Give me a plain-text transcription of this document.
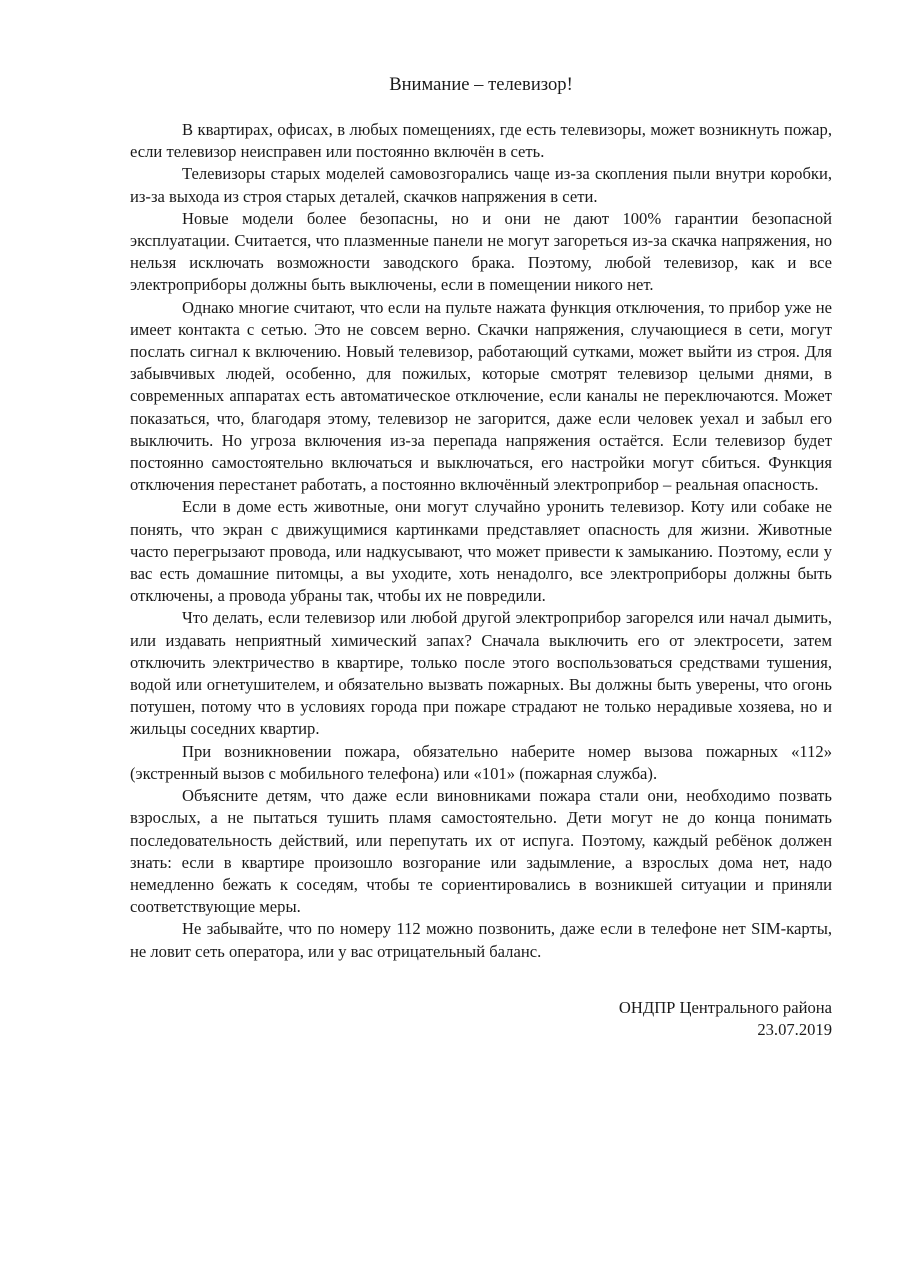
Внимание – телевизор!

В квартирах, офисах, в любых помещениях, где есть телевизоры, может возникнуть пожар, если телевизор неисправен или постоянно включён в сеть.

Телевизоры старых моделей самовозгорались чаще из-за скопления пыли внутри коробки, из-за выхода из строя старых деталей, скачков напряжения в сети.

Новые модели более безопасны, но и они не дают 100% гарантии безопасной эксплуатации. Считается, что плазменные панели не могут загореться из-за скачка напряжения, но нельзя исключать возможности заводского брака. Поэтому, любой телевизор, как и все электроприборы должны быть выключены, если в помещении никого нет.

Однако многие считают, что если на пульте нажата функция отключения, то прибор уже не имеет контакта с сетью. Это не совсем верно. Скачки напряжения, случающиеся в сети, могут послать сигнал к включению. Новый телевизор, работающий сутками, может выйти из строя. Для забывчивых людей, особенно, для пожилых, которые смотрят телевизор целыми днями, в современных аппаратах есть автоматическое отключение, если каналы не переключаются. Может показаться, что, благодаря этому, телевизор не загорится, даже если человек уехал и забыл его выключить. Но угроза включения из-за перепада напряжения остаётся. Если телевизор будет постоянно самостоятельно включаться и выключаться, его настройки могут сбиться. Функция отключения перестанет работать, а постоянно включённый электроприбор – реальная опасность.

Если в доме есть животные, они могут случайно уронить телевизор. Коту или собаке не понять, что экран с движущимися картинками представляет опасность для жизни. Животные часто перегрызают провода, или надкусывают, что может привести к замыканию. Поэтому, если у вас есть домашние питомцы, а вы уходите, хоть ненадолго, все электроприборы должны быть отключены, а провода убраны так, чтобы их не повредили.

Что делать, если телевизор или любой другой электроприбор загорелся или начал дымить, или издавать неприятный химический запах? Сначала выключить его от электросети, затем отключить электричество в квартире, только после этого воспользоваться средствами тушения, водой или огнетушителем, и обязательно вызвать пожарных. Вы должны быть уверены, что огонь потушен, потому что в условиях города при пожаре страдают не только нерадивые хозяева, но и жильцы соседних квартир.

При возникновении пожара, обязательно наберите номер вызова пожарных «112» (экстренный вызов с мобильного телефона) или «101» (пожарная служба).

Объясните детям, что даже если виновниками пожара стали они, необходимо позвать взрослых, а не пытаться тушить пламя самостоятельно. Дети могут не до конца понимать последовательность действий, или перепутать их от испуга. Поэтому, каждый ребёнок должен знать: если в квартире произошло возгорание или задымление, а взрослых дома нет, надо немедленно бежать к соседям, чтобы те сориентировались в возникшей ситуации и приняли соответствующие меры.

Не забывайте, что по номеру 112 можно позвонить, даже если в телефоне нет SIM-карты, не ловит сеть оператора, или у вас отрицательный баланс.

ОНДПР Центрального района
23.07.2019
